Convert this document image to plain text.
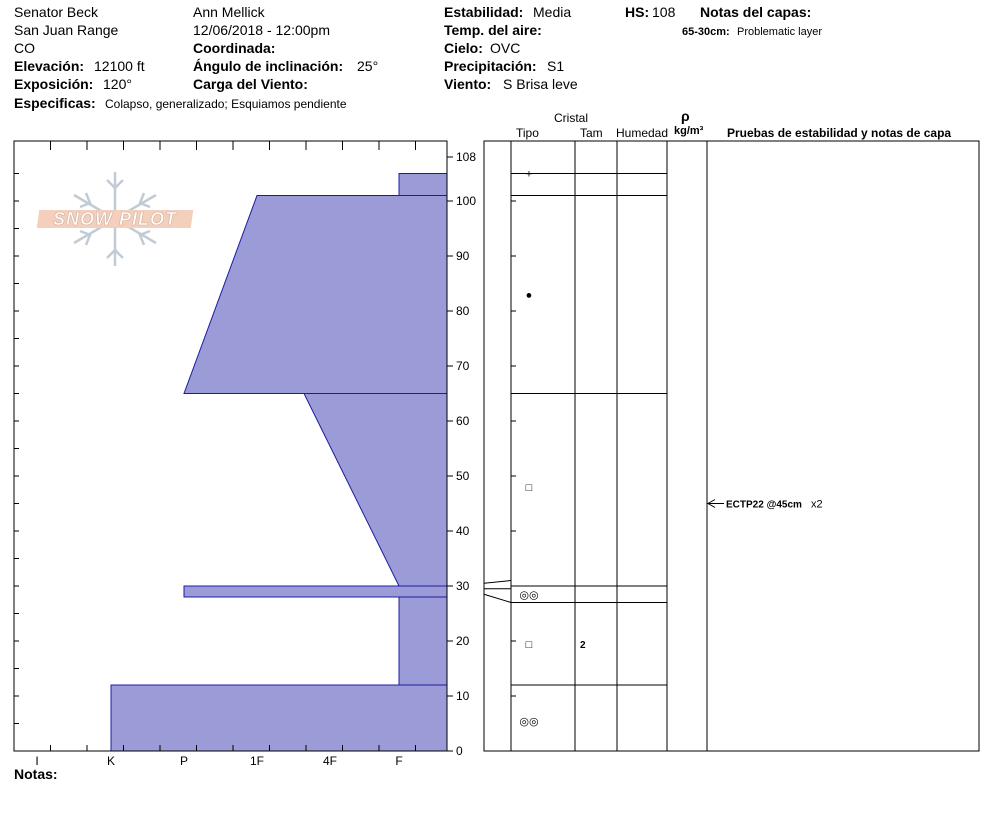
Senator Beck
San Juan Range
CO
Elevación: 12100 ft
Exposición: 120°
Especificas: Colapso, generalizado; Esquiamos pendiente
Ann Mellick
12/06/2018 - 12:00pm
Coordinada:
Ángulo de inclinación: 25°
Carga del Viento:
Estabilidad: Media
Temp. del aire:
Cielo: OVC
Precipitación: S1
Viento: S Brisa leve
HS: 108 Notas del capas:
65-30cm: Problematic layer
Cristal
Tipo	Tam Humedad
ρ
kg/m³ Pruebas de estabilidad y notas de capa
Notas:
SNOW PILOT
I	K	P	1F	4F	F
0
10
20
30
40
50
60
70
80
90
100
108
+
●
□
◎◎
□	2
◎◎
ECTP22 @45cm x2
